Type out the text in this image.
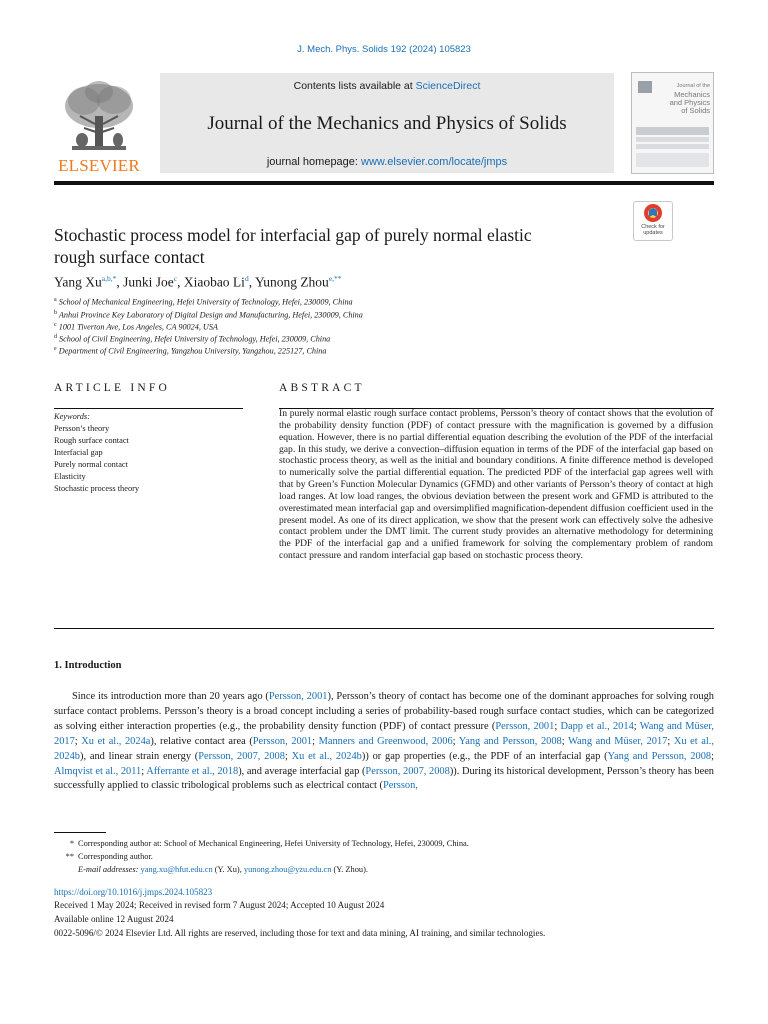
J. Mech. Phys. Solids 192 (2024) 105823
Contents lists available at ScienceDirect
Journal of the Mechanics and Physics of Solids
journal homepage: www.elsevier.com/locate/jmps
ELSEVIER
Journal of the
Mechanics
and Physics
of Solids
Check for
updates
Stochastic process model for interfacial gap of purely normal elastic
rough surface contact
Yang $Xu^{a,b,*}$, Junki Joe$^c$, Xiaobao Li$^d$, Yunong Zhou$^{e,**}$
$^a$ School of Mechanical Engineering, Hefei University of Technology, Hefei, 230009, China
$^b$ Anhui Province Key Laboratory of Digital Design and Manufacturing, Hefei, 230009, China
$^c$ 1001 Tiverton Ave, Los Angeles, CA 90024, USA
$^d$ School of Civil Engineering, Hefei University of Technology, Hefei, 230009, China
$^e$ Department of Civil Engineering, Yangzhou University, Yangzhou, 225127, China
ARTICLE INFO
Keywords:
Persson’s theory
Rough surface contact
Interfacial gap
Purely normal contact
Elasticity
Stochastic process theory
ABSTRACT
In purely normal elastic rough surface contact problems, Persson’s theory of contact shows that the evolution of the probability density function (PDF) of contact pressure with the magnification is governed by a diffusion equation. However, there is no partial differential equation describing the evolution of the PDF of the interfacial gap. In this study, we derive a convection–diffusion equation in terms of the PDF of the interfacial gap based on stochastic process theory, as well as the initial and boundary conditions. A finite difference method is developed to numerically solve the partial differential equation. The predicted PDF of the interfacial gap agrees well with that by Green’s Function Molecular Dynamics (GFMD) and other variants of Persson’s theory of contact at high load ranges. At low load ranges, the obvious deviation between the present work and GFMD is attributed to the overestimated mean interfacial gap and oversimplified magnification-dependent diffusion coefficient used in the present model. As one of its direct application, we show that the present work can effectively solve the adhesive contact problem under the DMT limit. The current study provides an alternative methodology for determining the PDF of the interfacial gap and a unified framework for solving the complementary problem of random contact pressure and random interfacial gap based on stochastic process theory.
1. Introduction
Since its introduction more than 20 years ago (Persson, 2001), Persson’s theory of contact has become one of the dominant approaches for solving rough surface contact problems. Persson’s theory is a broad concept including a series of probability-based rough surface contact studies, which can be categorized as solving either interaction properties (e.g., the probability density function (PDF) of contact pressure (Persson, 2001; Dapp et al., 2014; Wang and Müser, 2017; Xu et al., 2024a), relative contact area (Persson, 2001; Manners and Greenwood, 2006; Yang and Persson, 2008; Wang and Müser, 2017; Xu et al., 2024b), and linear strain energy (Persson, 2007, 2008; Xu et al., 2024b)) or gap properties (e.g., the PDF of an interfacial gap (Yang and Persson, 2008; Almqvist et al., 2011; Afferrante et al., 2018), and average interfacial gap (Persson, 2007, 2008)). During its historical development, Persson’s theory has been successfully applied to classic tribological problems such as electrical contact (Persson,
* Corresponding author at: School of Mechanical Engineering, Hefei University of Technology, Hefei, 230009, China.
** Corresponding author.
E-mail addresses: yang.xu@hfut.edu.cn (Y. Xu), yunong.zhou@yzu.edu.cn (Y. Zhou).
https://doi.org/10.1016/j.jmps.2024.105823
Received 1 May 2024; Received in revised form 7 August 2024; Accepted 10 August 2024
Available online 12 August 2024
0022-5096/© 2024 Elsevier Ltd. All rights are reserved, including those for text and data mining, AI training, and similar technologies.
